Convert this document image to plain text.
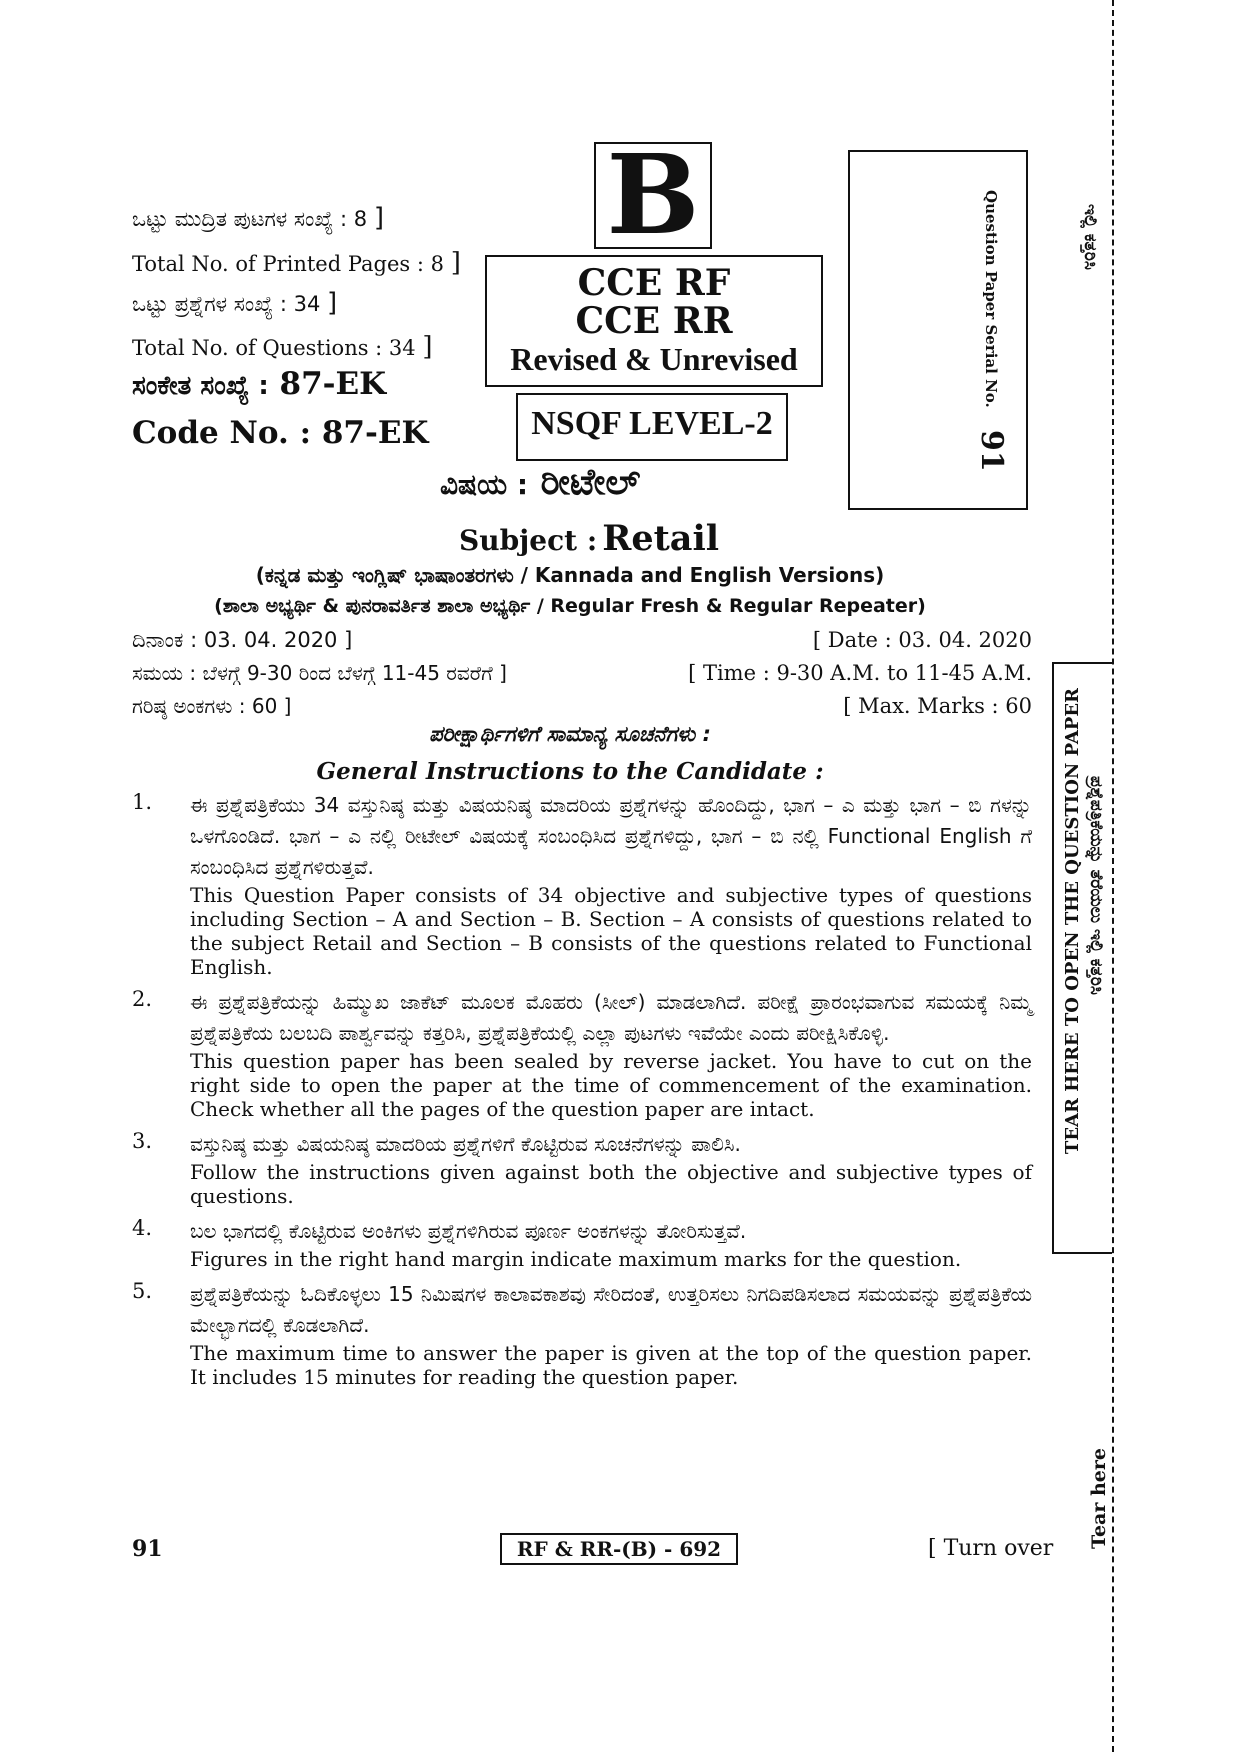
ಒಟ್ಟು ಮುದ್ರಿತ ಪುಟಗಳ ಸಂಖ್ಯೆ : 8 ]
Total No. of Printed Pages : 8 ]
ಒಟ್ಟು ಪ್ರಶ್ನೆಗಳ ಸಂಖ್ಯೆ : 34 ]
Total No. of Questions : 34 ]
ಸಂಕೇತ ಸಂಖ್ಯೆ : 87-EK
Code No. : 87-EK
B
CCE RF
CCE RR
Revised & Unrevised
NSQF LEVEL-2
Question Paper Serial No.
91
ಇಲ್ಲಿ ಕತ್ತರಿಸಿ
TEAR HERE TO OPEN THE QUESTION PAPER ಪ್ರಶ್ನೆಪತ್ರಿಕೆಯನ್ನು ತೆರೆಯಲು ಇಲ್ಲಿ ಕತ್ತರಿಸಿ
Tear here
ವಿಷಯ : ರೀಟೇಲ್
Subject : Retail
(ಕನ್ನಡ ಮತ್ತು ಇಂಗ್ಲಿಷ್ ಭಾಷಾಂತರಗಳು / Kannada and English Versions)
(ಶಾಲಾ ಅಭ್ಯರ್ಥಿ & ಪುನರಾವರ್ತಿತ ಶಾಲಾ ಅಭ್ಯರ್ಥಿ / Regular Fresh & Regular Repeater)
ದಿನಾಂಕ : 03. 04. 2020 ]	[ Date : 03. 04. 2020
ಸಮಯ : ಬೆಳಗ್ಗೆ 9-30 ರಿಂದ ಬೆಳಗ್ಗೆ 11-45 ರವರೆಗೆ ]	[ Time : 9-30 A.M. to 11-45 A.M.
ಗರಿಷ್ಠ ಅಂಕಗಳು : 60 ]	[ Max. Marks : 60
ಪರೀಕ್ಷಾರ್ಥಿಗಳಿಗೆ ಸಾಮಾನ್ಯ ಸೂಚನೆಗಳು :
General Instructions to the Candidate :
1.	ಈ ಪ್ರಶ್ನೆಪತ್ರಿಕೆಯು 34 ವಸ್ತುನಿಷ್ಠ ಮತ್ತು ವಿಷಯನಿಷ್ಠ ಮಾದರಿಯ ಪ್ರಶ್ನೆಗಳನ್ನು ಹೊಂದಿದ್ದು, ಭಾಗ – ಎ ಮತ್ತು ಭಾಗ – ಬಿ ಗಳನ್ನು ಒಳಗೊಂಡಿದೆ. ಭಾಗ – ಎ ನಲ್ಲಿ ರೀಟೇಲ್ ವಿಷಯಕ್ಕೆ ಸಂಬಂಧಿಸಿದ ಪ್ರಶ್ನೆಗಳಿದ್ದು, ಭಾಗ – ಬಿ ನಲ್ಲಿ Functional English ಗೆ ಸಂಬಂಧಿಸಿದ ಪ್ರಶ್ನೆಗಳಿರುತ್ತವೆ.
This Question Paper consists of 34 objective and subjective types of questions including Section – A and Section – B. Section – A consists of questions related to the subject Retail and Section – B consists of the questions related to Functional English.
2.	ಈ ಪ್ರಶ್ನೆಪತ್ರಿಕೆಯನ್ನು ಹಿಮ್ಮುಖ ಜಾಕೆಟ್ ಮೂಲಕ ಮೊಹರು (ಸೀಲ್) ಮಾಡಲಾಗಿದೆ. ಪರೀಕ್ಷೆ ಪ್ರಾರಂಭವಾಗುವ ಸಮಯಕ್ಕೆ ನಿಮ್ಮ ಪ್ರಶ್ನೆಪತ್ರಿಕೆಯ ಬಲಬದಿ ಪಾರ್ಶ್ವವನ್ನು ಕತ್ತರಿಸಿ, ಪ್ರಶ್ನೆಪತ್ರಿಕೆಯಲ್ಲಿ ಎಲ್ಲಾ ಪುಟಗಳು ಇವೆಯೇ ಎಂದು ಪರೀಕ್ಷಿಸಿಕೊಳ್ಳಿ.
This question paper has been sealed by reverse jacket. You have to cut on the right side to open the paper at the time of commencement of the examination. Check whether all the pages of the question paper are intact.
3.	ವಸ್ತುನಿಷ್ಠ ಮತ್ತು ವಿಷಯನಿಷ್ಠ ಮಾದರಿಯ ಪ್ರಶ್ನೆಗಳಿಗೆ ಕೊಟ್ಟಿರುವ ಸೂಚನೆಗಳನ್ನು ಪಾಲಿಸಿ.
Follow the instructions given against both the objective and subjective types of questions.
4.	ಬಲ ಭಾಗದಲ್ಲಿ ಕೊಟ್ಟಿರುವ ಅಂಕಿಗಳು ಪ್ರಶ್ನೆಗಳಿಗಿರುವ ಪೂರ್ಣ ಅಂಕಗಳನ್ನು ತೋರಿಸುತ್ತವೆ.
Figures in the right hand margin indicate maximum marks for the question.
5.	ಪ್ರಶ್ನೆಪತ್ರಿಕೆಯನ್ನು ಓದಿಕೊಳ್ಳಲು 15 ನಿಮಿಷಗಳ ಕಾಲಾವಕಾಶವು ಸೇರಿದಂತೆ, ಉತ್ತರಿಸಲು ನಿಗದಿಪಡಿಸಲಾದ ಸಮಯವನ್ನು ಪ್ರಶ್ನೆಪತ್ರಿಕೆಯ ಮೇಲ್ಭಾಗದಲ್ಲಿ ಕೊಡಲಾಗಿದೆ.
The maximum time to answer the paper is given at the top of the question paper. It includes 15 minutes for reading the question paper.
91	RF & RR-(B) - 692	[ Turn over
